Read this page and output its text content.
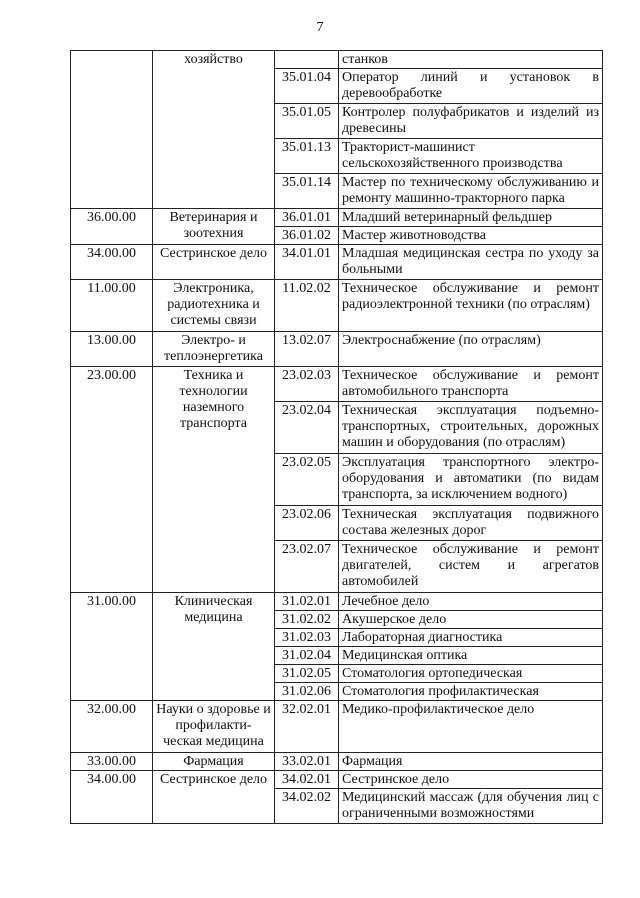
7
	хозяйство		станков
		35.01.04	Оператор линий и установок в деревообработке
		35.01.05	Контролер полуфабрикатов и изделий из древесины
		35.01.13	Тракторист-машинист сельскохозяйственного производства
		35.01.14	Мастер по техническому обслуживанию и ремонту машинно-тракторного парка
36.00.00	Ветеринария и зоотехния	36.01.01	Младший ветеринарный фельдшер
		36.01.02	Мастер животноводства
34.00.00	Сестринское дело	34.01.01	Младшая медицинская сестра по уходу за больными
11.00.00	Электроника, радиотехника и системы связи	11.02.02	Техническое обслуживание и ремонт радиоэлектронной техники (по отраслям)
13.00.00	Электро- и теплоэнергетика	13.02.07	Электроснабжение (по отраслям)
23.00.00	Техника и технологии наземного транспорта	23.02.03	Техническое обслуживание и ремонт автомобильного транспорта
		23.02.04	Техническая эксплуатация подъемно-транспортных, строительных, дорожных машин и оборудования (по отраслям)
		23.02.05	Эксплуатация транспортного электро-оборудования и автоматики (по видам транспорта, за исключением водного)
		23.02.06	Техническая эксплуатация подвижного состава железных дорог
		23.02.07	Техническое обслуживание и ремонт двигателей, систем и агрегатов автомобилей
31.00.00	Клиническая медицина	31.02.01	Лечебное дело
		31.02.02	Акушерское дело
		31.02.03	Лабораторная диагностика
		31.02.04	Медицинская оптика
		31.02.05	Стоматология ортопедическая
		31.02.06	Стоматология профилактическая
32.00.00	Науки о здоровье и профилакти-ческая медицина	32.02.01	Медико-профилактическое дело
33.00.00	Фармация	33.02.01	Фармация
34.00.00	Сестринское дело	34.02.01	Сестринское дело
		34.02.02	Медицинский массаж (для обучения лиц с ограниченными возможностями
